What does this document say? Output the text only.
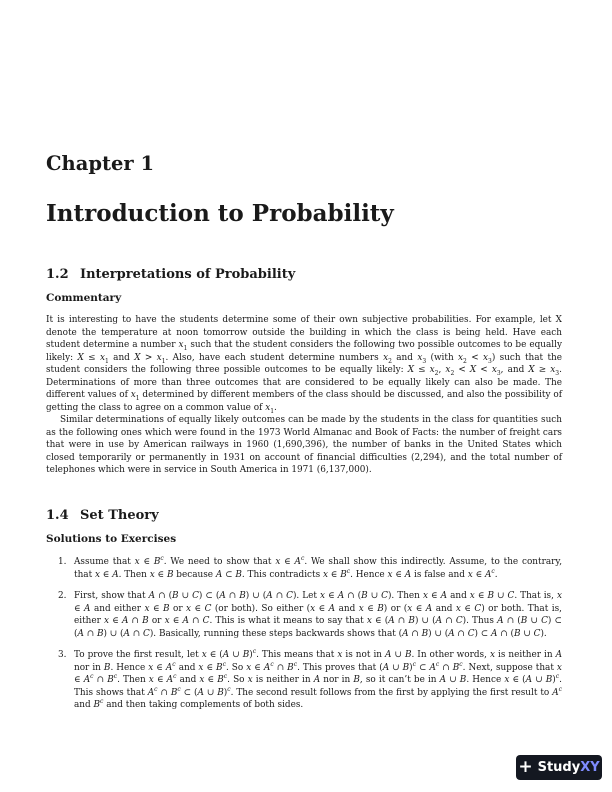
Chapter 1
Introduction to Probability
1.2 Interpretations of Probability
Commentary

It is interesting to have the students determine some of their own subjective probabilities. For example, let X denote the temperature at noon tomorrow outside the building in which the class is being held. Have each student determine a number $x_1$ such that the student considers the following two possible outcomes to be equally likely: $X \le x_1$ and $X > x_1$. Also, have each student determine numbers $x_2$ and $x_3$ (with $x_2 < x_3$) such that the student considers the following three possible outcomes to be equally likely: $X \le x_2$, $x_2 < X < x_3$, and $X \ge x_3$. Determinations of more than three outcomes that are considered to be equally likely can also be made. The different values of $x_1$ determined by different members of the class should be discussed, and also the possibility of getting the class to agree on a common value of $x_1$.

Similar determinations of equally likely outcomes can be made by the students in the class for quantities such as the following ones which were found in the 1973 World Almanac and Book of Facts: the number of freight cars that were in use by American railways in 1960 (1,690,396), the number of banks in the United States which closed temporarily or permanently in 1931 on account of financial difficulties (2,294), and the total number of telephones which were in service in South America in 1971 (6,137,000).

1.4 Set Theory
Solutions to Exercises
1. Assume that x ∈ $B^c$. We need to show that x ∈ $A^c$. We shall show this indirectly. Assume, to the contrary, that x ∈ A. Then x ∈ B because A ⊂ B. This contradicts x ∈ $B^c$. Hence x ∈ A is false and x ∈ $A^c$.
2. First, show that A ∩ (B ∪ C) ⊂ (A ∩ B) ∪ (A ∩ C). Let x ∈ A ∩ (B ∪ C). Then x ∈ A and x ∈ B ∪ C. That is, x ∈ A and either x ∈ B or x ∈ C (or both). So either (x ∈ A and x ∈ B) or (x ∈ A and x ∈ C) or both. That is, either x ∈ A ∩ B or x ∈ A ∩ C. This is what it means to say that x ∈ (A ∩ B) ∪ (A ∩ C). Thus A ∩ (B ∪ C) ⊂ (A ∩ B) ∪ (A ∩ C). Basically, running these steps backwards shows that (A ∩ B) ∪ (A ∩ C) ⊂ A ∩ (B ∪ C).
3. To prove the first result, let x ∈ (A ∪ B)$^c$. This means that x is not in A ∪ B. In other words, x is neither in A nor in B. Hence x ∈ $A^c$ and x ∈ $B^c$. So x ∈ $A^c$ ∩ $B^c$. This proves that (A ∪ B)$^c$ ⊂ $A^c$ ∩ $B^c$. Next, suppose that x ∈ $A^c$ ∩ $B^c$. Then x ∈ $A^c$ and x ∈ $B^c$. So x is neither in A nor in B, so it can’t be in A ∪ B. Hence x ∈ (A ∪ B)$^c$. This shows that $A^c$ ∩ $B^c$ ⊂ (A ∪ B)$^c$. The second result follows from the first by applying the first result to $A^c$ and $B^c$ and then taking complements of both sides.
+ StudyXY
